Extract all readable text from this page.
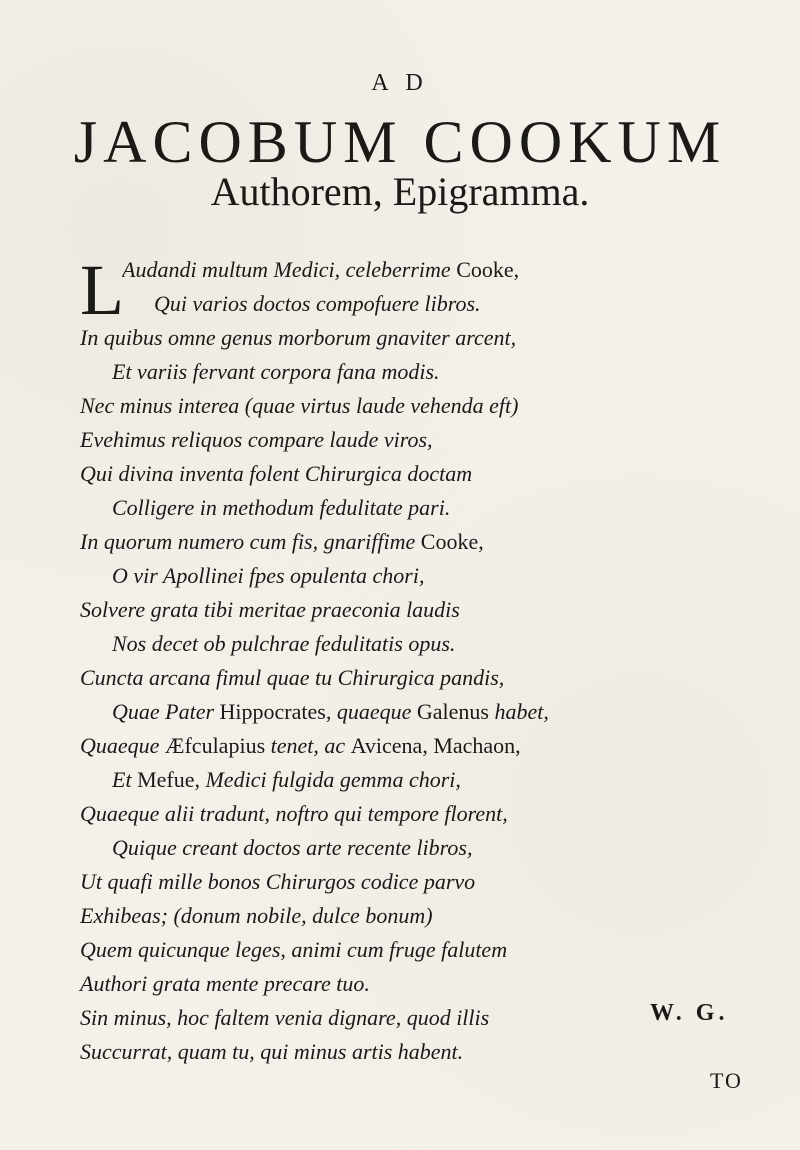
A D
JACOBUM COOKUM
Authorem, Epigramma.
L
Audandi multum Medici, celeberrime Cooke,
Qui varios doctos compofuere libros.
In quibus omne genus morborum gnaviter arcent,
Et variis fervant corpora fana modis.
Nec minus interea (quae virtus laude vehenda eft)
Evehimus reliquos compare laude viros,
Qui divina inventa folent Chirurgica doctam
Colligere in methodum fedulitate pari.
In quorum numero cum fis, gnariffime Cooke,
O vir Apollinei fpes opulenta chori,
Solvere grata tibi meritae praeconia laudis
Nos decet ob pulchrae fedulitatis opus.
Cuncta arcana fimul quae tu Chirurgica pandis,
Quae Pater Hippocrates, quaeque Galenus habet,
Quaeque Æfculapius tenet, ac Avicena, Machaon,
Et Mefue, Medici fulgida gemma chori,
Quaeque alii tradunt, noftro qui tempore florent,
Quique creant doctos arte recente libros,
Ut quafi mille bonos Chirurgos codice parvo
Exhibeas; (donum nobile, dulce bonum)
Quem quicunque leges, animi cum fruge falutem
Authori grata mente precare tuo.
Sin minus, hoc faltem venia dignare, quod illis
Succurrat, quam tu, qui minus artis habent.
W. G.
TO
